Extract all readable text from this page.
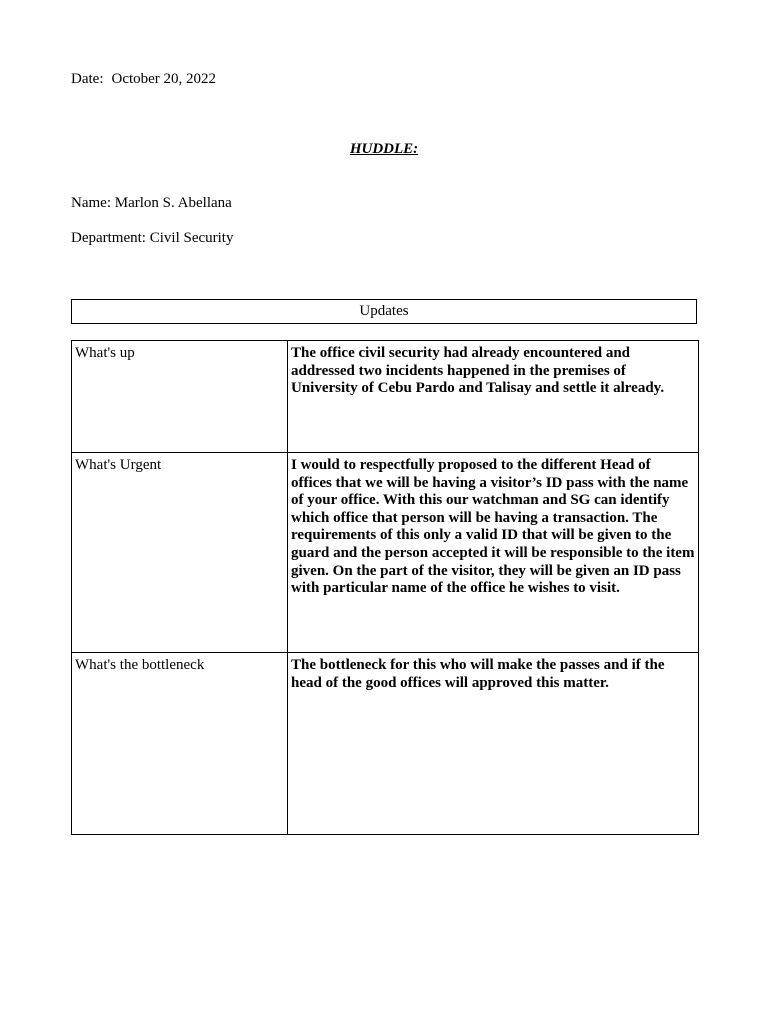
Date: October 20, 2022
HUDDLE:
Name: Marlon S. Abellana
Department: Civil Security
Updates
What's up	The office civil security had already encountered and addressed two incidents happened in the premises of University of Cebu Pardo and Talisay and settle it already.
What's Urgent	I would to respectfully proposed to the different Head of offices that we will be having a visitor’s ID pass with the name of your office. With this our watchman and SG can identify which office that person will be having a transaction. The requirements of this only a valid ID that will be given to the guard and the person accepted it will be responsible to the item given. On the part of the visitor, they will be given an ID pass with particular name of the office he wishes to visit.
What's the bottleneck	The bottleneck for this who will make the passes and if the head of the good offices will approved this matter.
